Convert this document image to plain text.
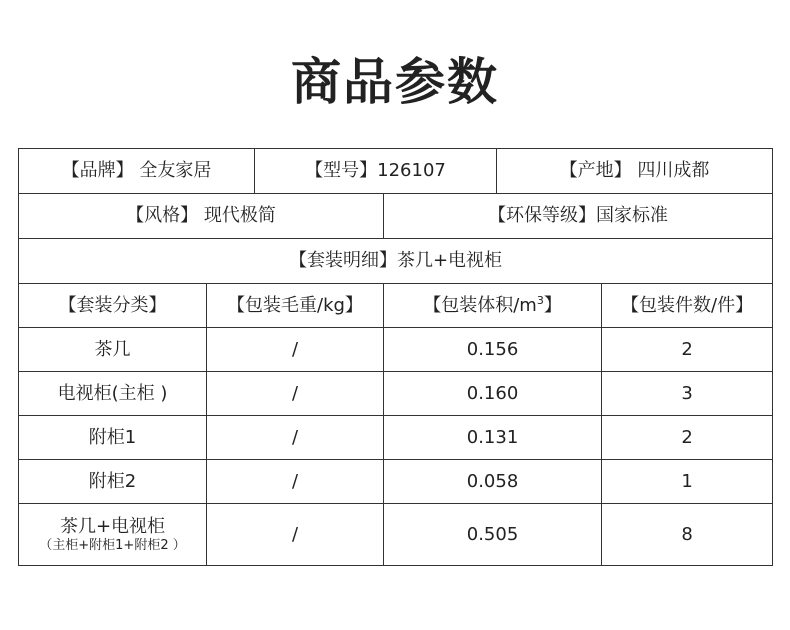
商品参数
【品牌】 全友家居		【型号】126107		【产地】 四川成都	
【风格】 现代极简			【环保等级】国家标准		
【套装明细】茶几+电视柜					
【套装分类】	【包装毛重/kg】		【包装体积$/m^3$】		【包装件数/件】
茶几	/		0.156		2
电视柜(主柜 )	/		0.160		3
附柜1	/		0.131		2
附柜2	/		0.058		1
茶几+电视柜
（主柜+附柜1+附柜2 ）	/		0.505		8
